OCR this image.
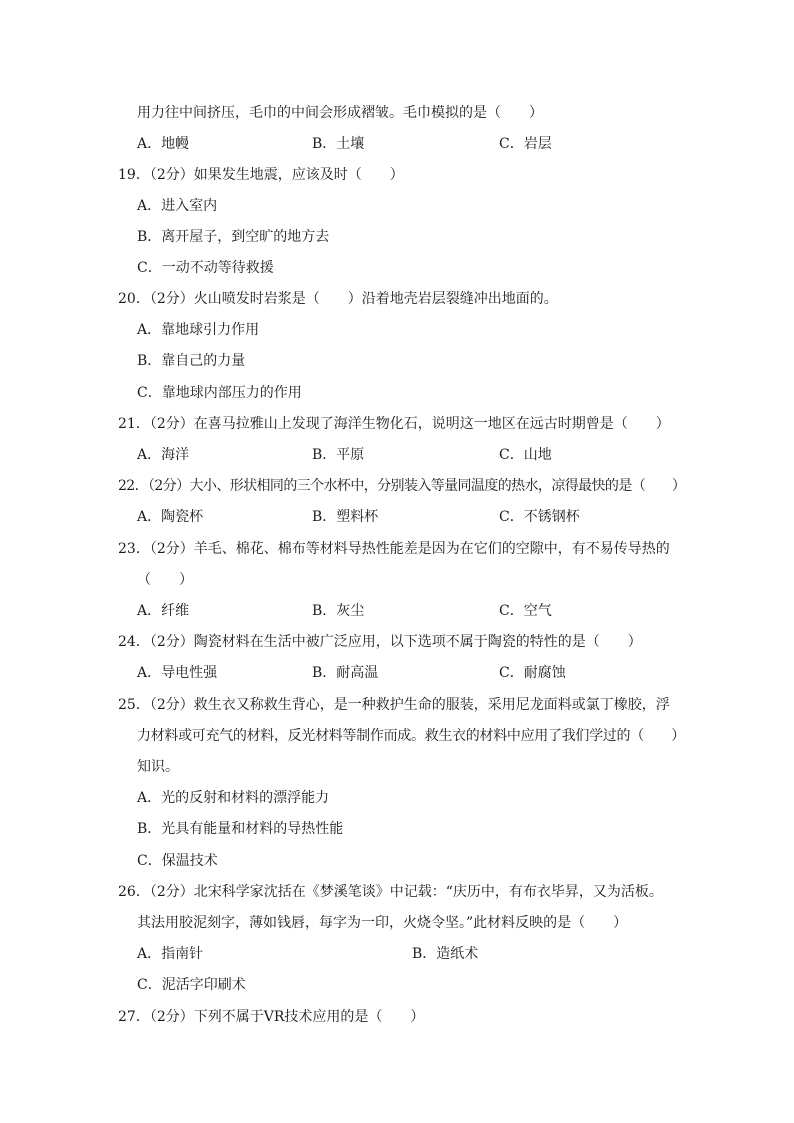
用力往中间挤压，毛巾的中间会形成褶皱。毛巾模拟的是（　　）
A．地幔	B．土壤	C．岩层
19．（2分）如果发生地震，应该及时（　　）
A．进入室内
B．离开屋子，到空旷的地方去
C．一动不动等待救援
20．（2分）火山喷发时岩浆是（　　）沿着地壳岩层裂缝冲出地面的。
A．靠地球引力作用
B．靠自己的力量
C．靠地球内部压力的作用
21．（2分）在喜马拉雅山上发现了海洋生物化石，说明这一地区在远古时期曾是（　　）
A．海洋	B．平原	C．山地
22．（2分）大小、形状相同的三个水杯中，分别装入等量同温度的热水，凉得最快的是（　　）
A．陶瓷杯	B．塑料杯	C．不锈钢杯
23．（2分）羊毛、棉花、棉布等材料导热性能差是因为在它们的空隙中，有不易传导热的
（　　）
A．纤维	B．灰尘	C．空气
24．（2分）陶瓷材料在生活中被广泛应用，以下选项不属于陶瓷的特性的是（　　）
A．导电性强	B．耐高温	C．耐腐蚀
25．（2分）救生衣又称救生背心，是一种救护生命的服装，采用尼龙面料或氯丁橡胶，浮
力材料或可充气的材料，反光材料等制作而成。救生衣的材料中应用了我们学过的（　　）
知识。
A．光的反射和材料的漂浮能力
B．光具有能量和材料的导热性能
C．保温技术
26．（2分）北宋科学家沈括在《梦溪笔谈》中记载：“庆历中，有布衣毕昇，又为活板。
其法用胶泥刻字，薄如钱唇，每字为一印，火烧令坚。”此材料反映的是（　　）
A．指南针	B．造纸术
C．泥活字印刷术
27．（2分）下列不属于VR技术应用的是（　　）
